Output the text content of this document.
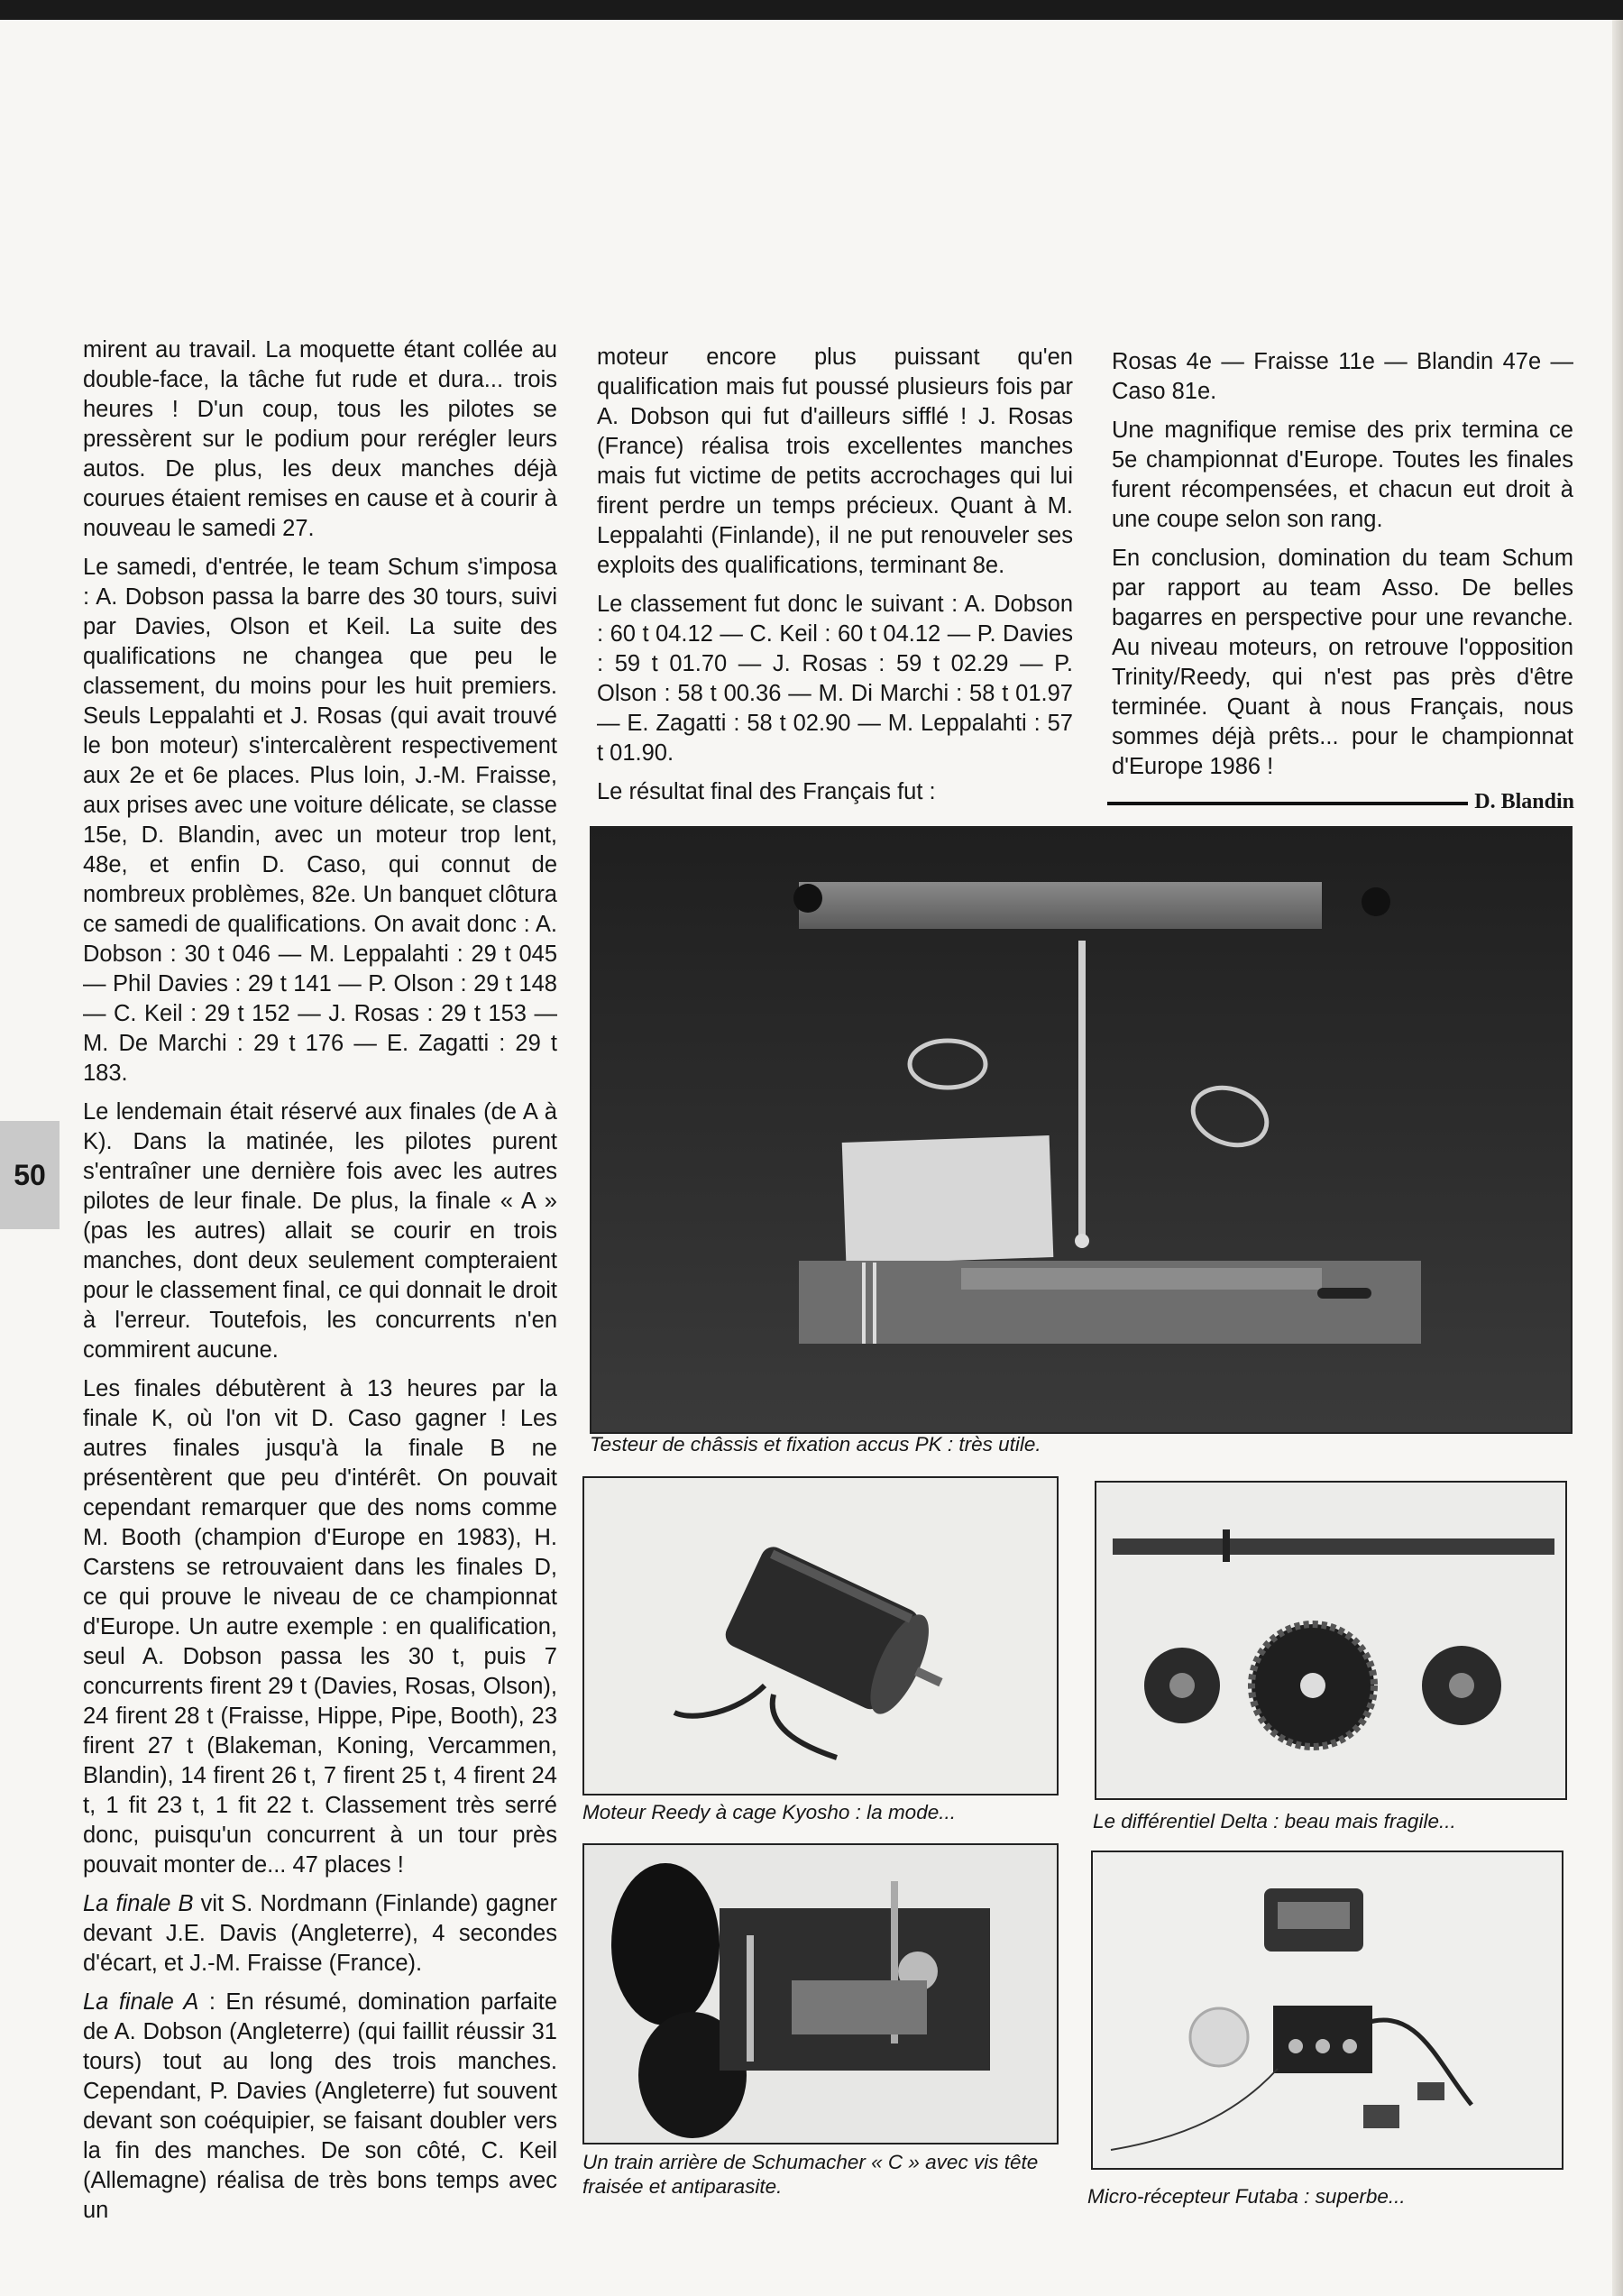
mirent au travail. La moquette étant collée au double-face, la tâche fut rude et dura... trois heures ! D'un coup, tous les pilotes se pressèrent sur le podium pour rerégler leurs autos. De plus, les deux manches déjà courues étaient remises en cause et à courir à nouveau le samedi 27.

Le samedi, d'entrée, le team Schum s'imposa : A. Dobson passa la barre des 30 tours, suivi par Davies, Olson et Keil. La suite des qualifications ne changea que peu le classement, du moins pour les huit premiers. Seuls Leppalahti et J. Rosas (qui avait trouvé le bon moteur) s'intercalèrent respectivement aux 2e et 6e places. Plus loin, J.-M. Fraisse, aux prises avec une voiture délicate, se classe 15e, D. Blandin, avec un moteur trop lent, 48e, et enfin D. Caso, qui connut de nombreux problèmes, 82e. Un banquet clôtura ce samedi de qualifications. On avait donc : A. Dobson : 30 t 046 — M. Leppalahti : 29 t 045 — Phil Davies : 29 t 141 — P. Olson : 29 t 148 — C. Keil : 29 t 152 — J. Rosas : 29 t 153 — M. De Marchi : 29 t 176 — E. Zagatti : 29 t 183.

Le lendemain était réservé aux finales (de A à K). Dans la matinée, les pilotes purent s'entraîner une dernière fois avec les autres pilotes de leur finale. De plus, la finale « A » (pas les autres) allait se courir en trois manches, dont deux seulement compteraient pour le classement final, ce qui donnait le droit à l'erreur. Toutefois, les concurrents n'en commirent aucune.

Les finales débutèrent à 13 heures par la finale K, où l'on vit D. Caso gagner ! Les autres finales jusqu'à la finale B ne présentèrent que peu d'intérêt. On pouvait cependant remarquer que des noms comme M. Booth (champion d'Europe en 1983), H. Carstens se retrouvaient dans les finales D, ce qui prouve le niveau de ce championnat d'Europe. Un autre exemple : en qualification, seul A. Dobson passa les 30 t, puis 7 concurrents firent 29 t (Davies, Rosas, Olson), 24 firent 28 t (Fraisse, Hippe, Pipe, Booth), 23 firent 27 t (Blakeman, Koning, Vercammen, Blandin), 14 firent 26 t, 7 firent 25 t, 4 firent 24 t, 1 fit 23 t, 1 fit 22 t. Classement très serré donc, puisqu'un concurrent à un tour près pouvait monter de... 47 places !

La finale B vit S. Nordmann (Finlande) gagner devant J.E. Davis (Angleterre), 4 secondes d'écart, et J.-M. Fraisse (France).

La finale A : En résumé, domination parfaite de A. Dobson (Angleterre) (qui faillit réussir 31 tours) tout au long des trois manches. Cependant, P. Davies (Angleterre) fut souvent devant son coéquipier, se faisant doubler vers la fin des manches. De son côté, C. Keil (Allemagne) réalisa de très bons temps avec un

moteur encore plus puissant qu'en qualification mais fut poussé plusieurs fois par A. Dobson qui fut d'ailleurs sifflé ! J. Rosas (France) réalisa trois excellentes manches mais fut victime de petits accrochages qui lui firent perdre un temps précieux. Quant à M. Leppalahti (Finlande), il ne put renouveler ses exploits des qualifications, terminant 8e.

Le classement fut donc le suivant : A. Dobson : 60 t 04.12 — C. Keil : 60 t 04.12 — P. Davies : 59 t 01.70 — J. Rosas : 59 t 02.29 — P. Olson : 58 t 00.36 — M. Di Marchi : 58 t 01.97 — E. Zagatti : 58 t 02.90 — M. Leppalahti : 57 t 01.90.

Le résultat final des Français fut :

Rosas 4e — Fraisse 11e — Blandin 47e — Caso 81e.

Une magnifique remise des prix termina ce 5e championnat d'Europe. Toutes les finales furent récompensées, et chacun eut droit à une coupe selon son rang.

En conclusion, domination du team Schum par rapport au team Asso. De belles bagarres en perspective pour une revanche. Au niveau moteurs, on retrouve l'opposition Trinity/Reedy, qui n'est pas près d'être terminée. Quant à nous Français, nous sommes déjà prêts... pour le championnat d'Europe 1986 !

D. Blandin
50
Testeur de châssis et fixation accus PK : très utile.
Moteur Reedy à cage Kyosho : la mode...	Le différentiel Delta : beau mais fragile...
Un train arrière de Schumacher « C » avec vis tête fraisée et antiparasite.	Micro-récepteur Futaba : superbe...
